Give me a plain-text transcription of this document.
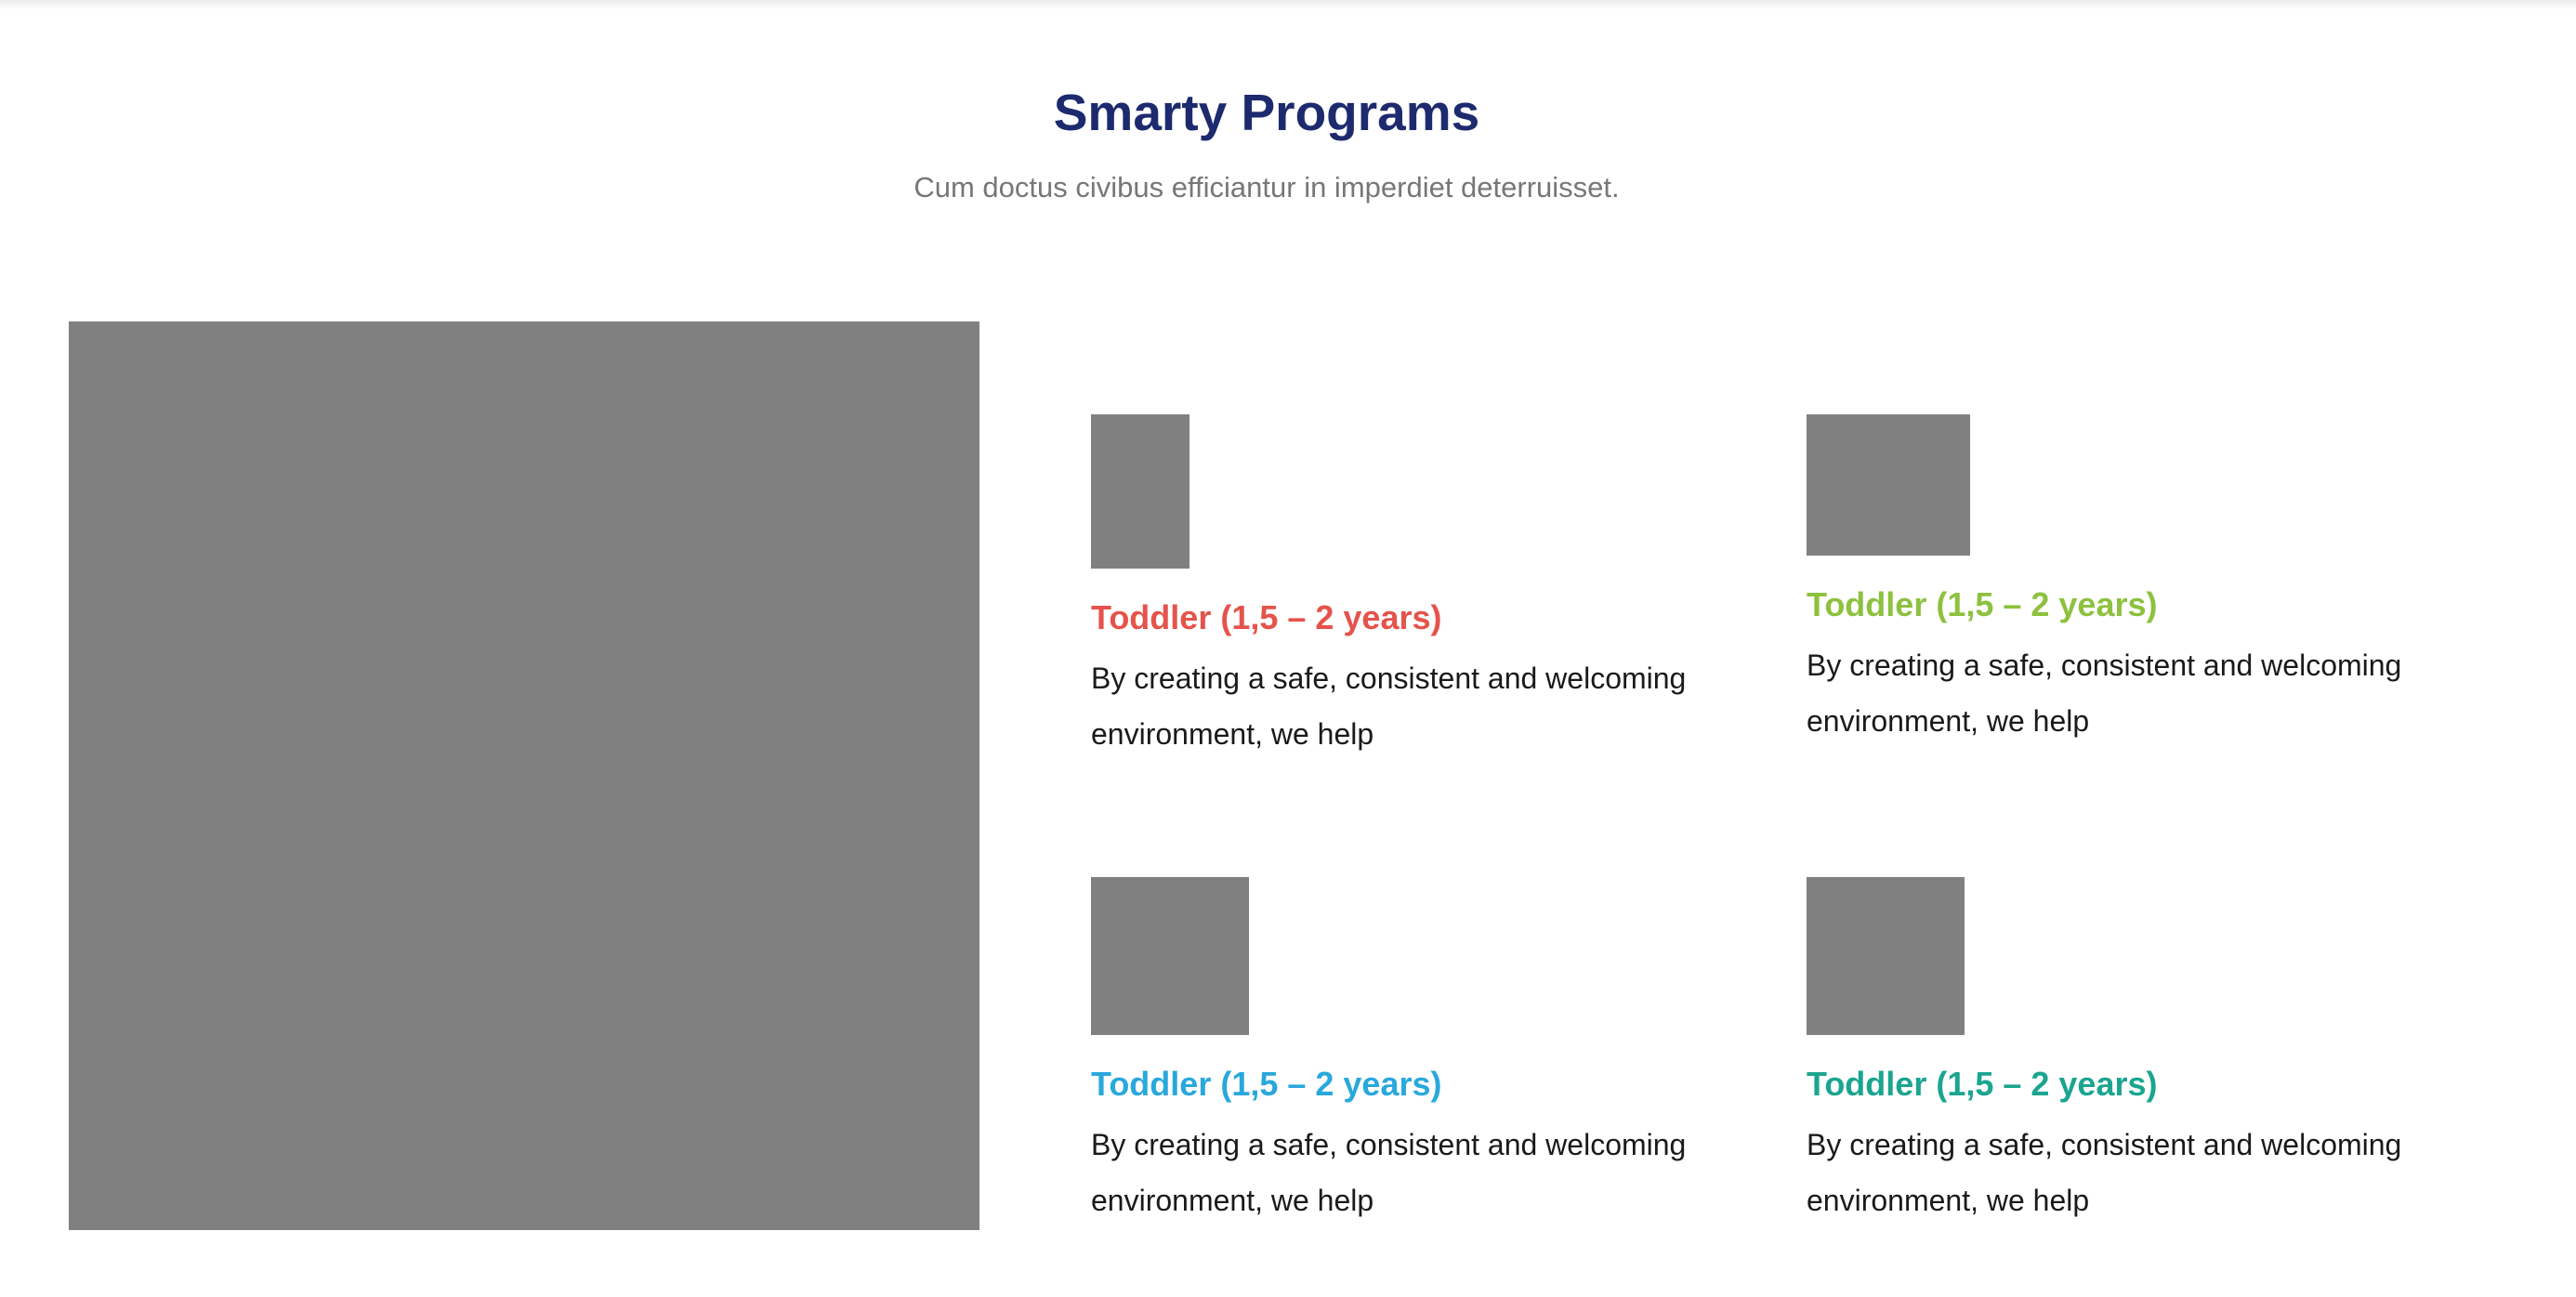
Smarty Programs

Cum doctus civibus efficiantur in imperdiet deterruisset.

Toddler (1,5 – 2 years)

By creating a safe, consistent and welcoming
environment, we help

Toddler (1,5 – 2 years)

By creating a safe, consistent and welcoming
environment, we help

Toddler (1,5 – 2 years)

By creating a safe, consistent and welcoming
environment, we help

Toddler (1,5 – 2 years)

By creating a safe, consistent and welcoming
environment, we help
